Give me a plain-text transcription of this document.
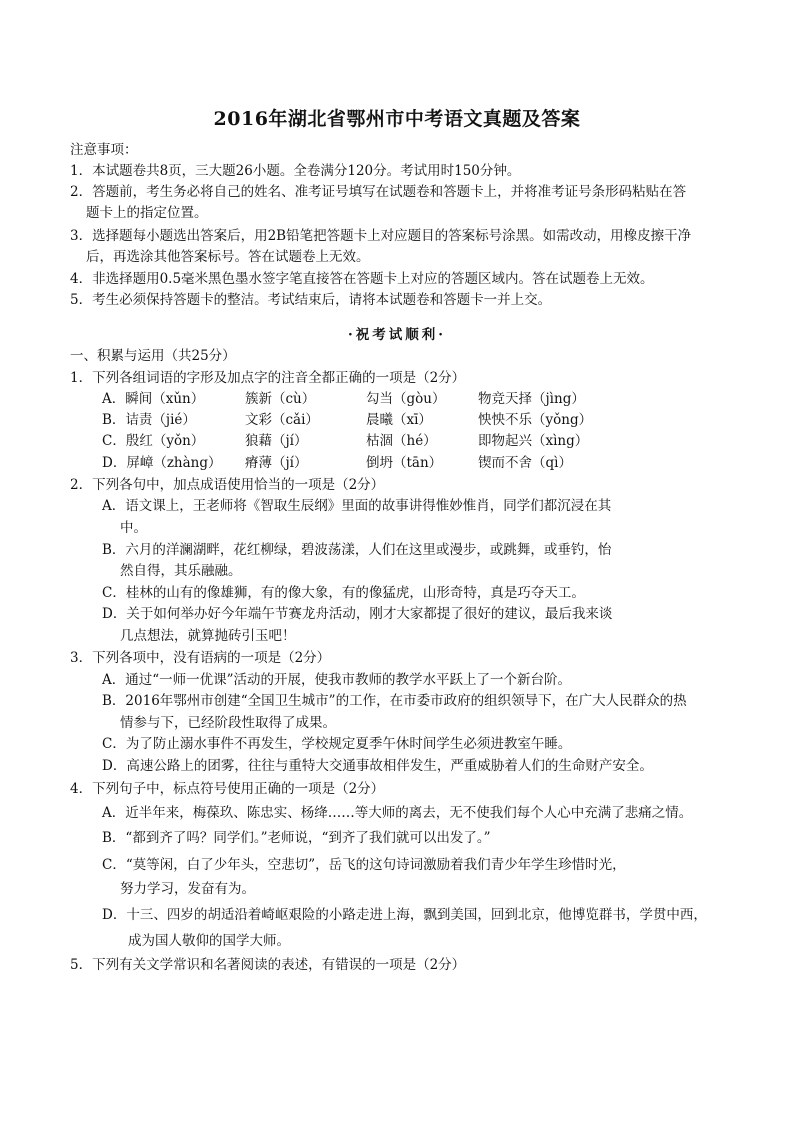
2016年湖北省鄂州市中考语文真题及答案
注意事项：
1．本试题卷共8页，三大题26小题。全卷满分120分。考试用时150分钟。
2．答题前，考生务必将自己的姓名、准考证号填写在试题卷和答题卡上，并将准考证号条形码粘贴在答
题卡上的指定位置。
3．选择题每小题选出答案后，用2B铅笔把答题卡上对应题目的答案标号涂黑。如需改动，用橡皮擦干净
后，再选涂其他答案标号。答在试题卷上无效。
4．非选择题用0.5毫米黑色墨水签字笔直接答在答题卡上对应的答题区域内。答在试题卷上无效。
5．考生必须保持答题卡的整洁。考试结束后，请将本试题卷和答题卡一并上交。
·祝考试顺利·
一、积累与运用（共25分）
1．下列各组词语的字形及加点字的注音全都正确的一项是（2分）
A．瞬间（xǔn）	簇新（cù）	勾当（gòu） 物竞天择（jìng）
B．诘责（jié）	文彩（cǎi）	晨曦（xī）	怏怏不乐（yǒng）
C．殷红（yǒn）	狼藉（jí）	枯涸（hé）	即物起兴（xìng）
D．屏嶂（zhàng） 瘠薄（jí）	倒坍（tān）	锲而不舍（qì）
2．下列各句中，加点成语使用恰当的一项是（2分）
A．语文课上，王老师将《智取生辰纲》里面的故事讲得惟妙惟肖，同学们都沉浸在其
中。
B．六月的洋澜湖畔，花红柳绿，碧波荡漾，人们在这里或漫步，或跳舞，或垂钓，怡
然自得，其乐融融。
C．桂林的山有的像雄狮，有的像大象，有的像猛虎，山形奇特，真是巧夺天工。
D．关于如何举办好今年端午节赛龙舟活动，刚才大家都提了很好的建议，最后我来谈
几点想法，就算抛砖引玉吧！
3．下列各项中，没有语病的一项是（2分）
A．通过“一师一优课”活动的开展，使我市教师的教学水平跃上了一个新台阶。
B．2016年鄂州市创建“全国卫生城市”的工作，在市委市政府的组织领导下，在广大人民群众的热
情参与下，已经阶段性取得了成果。
C．为了防止溺水事件不再发生，学校规定夏季午休时间学生必须进教室午睡。
D．高速公路上的团雾，往往与重特大交通事故相伴发生，严重威胁着人们的生命财产安全。
4．下列句子中，标点符号使用正确的一项是（2分）
A．近半年来，梅葆玖、陈忠实、杨绛……等大师的离去，无不使我们每个人心中充满了悲痛之情。
B．“都到齐了吗？同学们。”老师说，“到齐了我们就可以出发了。”
C．“莫等闲，白了少年头，空悲切”，岳飞的这句诗词激励着我们青少年学生珍惜时光，
努力学习，发奋有为。
D．十三、四岁的胡适沿着崎岖艰险的小路走进上海，飘到美国，回到北京，他博览群书，学贯中西，
成为国人敬仰的国学大师。
5．下列有关文学常识和名著阅读的表述，有错误的一项是（2分）
